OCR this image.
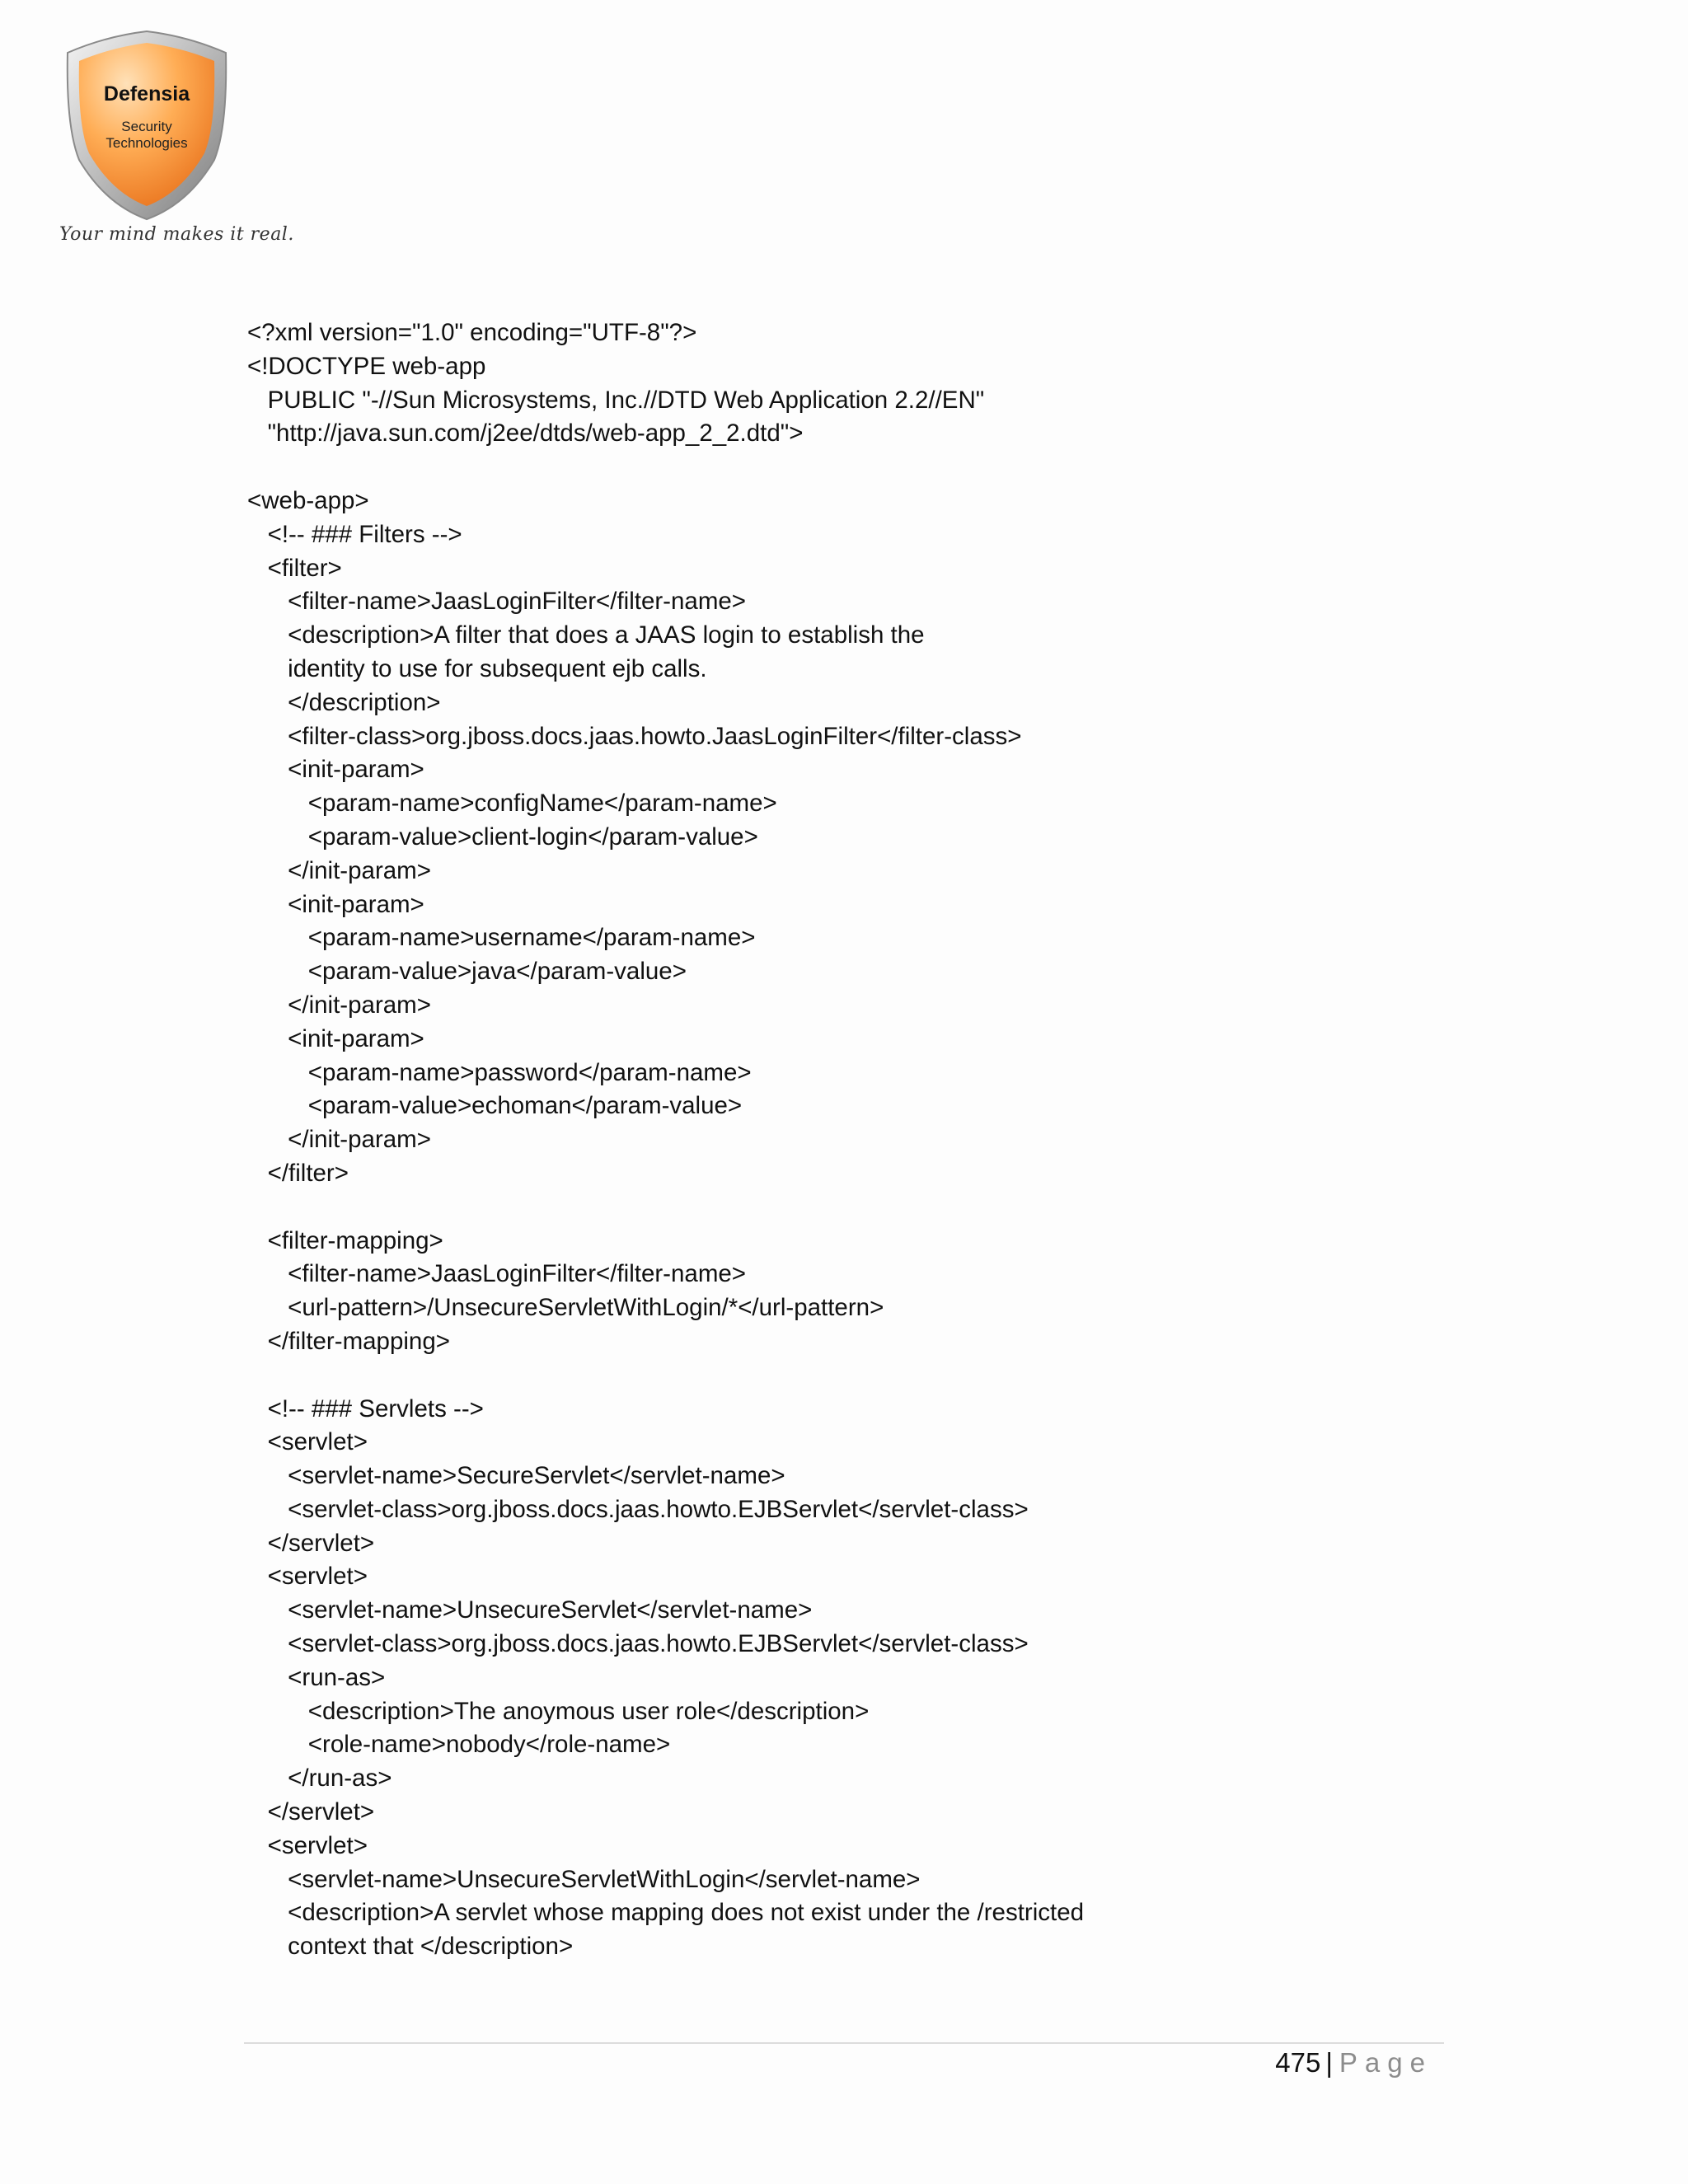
Defensia
Security
Technologies
Your mind makes it real.
<?xml version="1.0" encoding="UTF-8"?>
<!DOCTYPE web-app
PUBLIC "-//Sun Microsystems, Inc.//DTD Web Application 2.2//EN"
"http://java.sun.com/j2ee/dtds/web-app_2_2.dtd">
<web-app>
<!-- ### Filters -->
<filter>
<filter-name>JaasLoginFilter</filter-name>
<description>A filter that does a JAAS login to establish the
identity to use for subsequent ejb calls.
</description>
<filter-class>org.jboss.docs.jaas.howto.JaasLoginFilter</filter-class>
<init-param>
<param-name>configName</param-name>
<param-value>client-login</param-value>
</init-param>
<init-param>
<param-name>username</param-name>
<param-value>java</param-value>
</init-param>
<init-param>
<param-name>password</param-name>
<param-value>echoman</param-value>
</init-param>
</filter>
<filter-mapping>
<filter-name>JaasLoginFilter</filter-name>
<url-pattern>/UnsecureServletWithLogin/*</url-pattern>
</filter-mapping>
<!-- ### Servlets -->
<servlet>
<servlet-name>SecureServlet</servlet-name>
<servlet-class>org.jboss.docs.jaas.howto.EJBServlet</servlet-class>
</servlet>
<servlet>
<servlet-name>UnsecureServlet</servlet-name>
<servlet-class>org.jboss.docs.jaas.howto.EJBServlet</servlet-class>
<run-as>
<description>The anoymous user role</description>
<role-name>nobody</role-name>
</run-as>
</servlet>
<servlet>
<servlet-name>UnsecureServletWithLogin</servlet-name>
<description>A servlet whose mapping does not exist under the /restricted
context that </description>
475 | Page
